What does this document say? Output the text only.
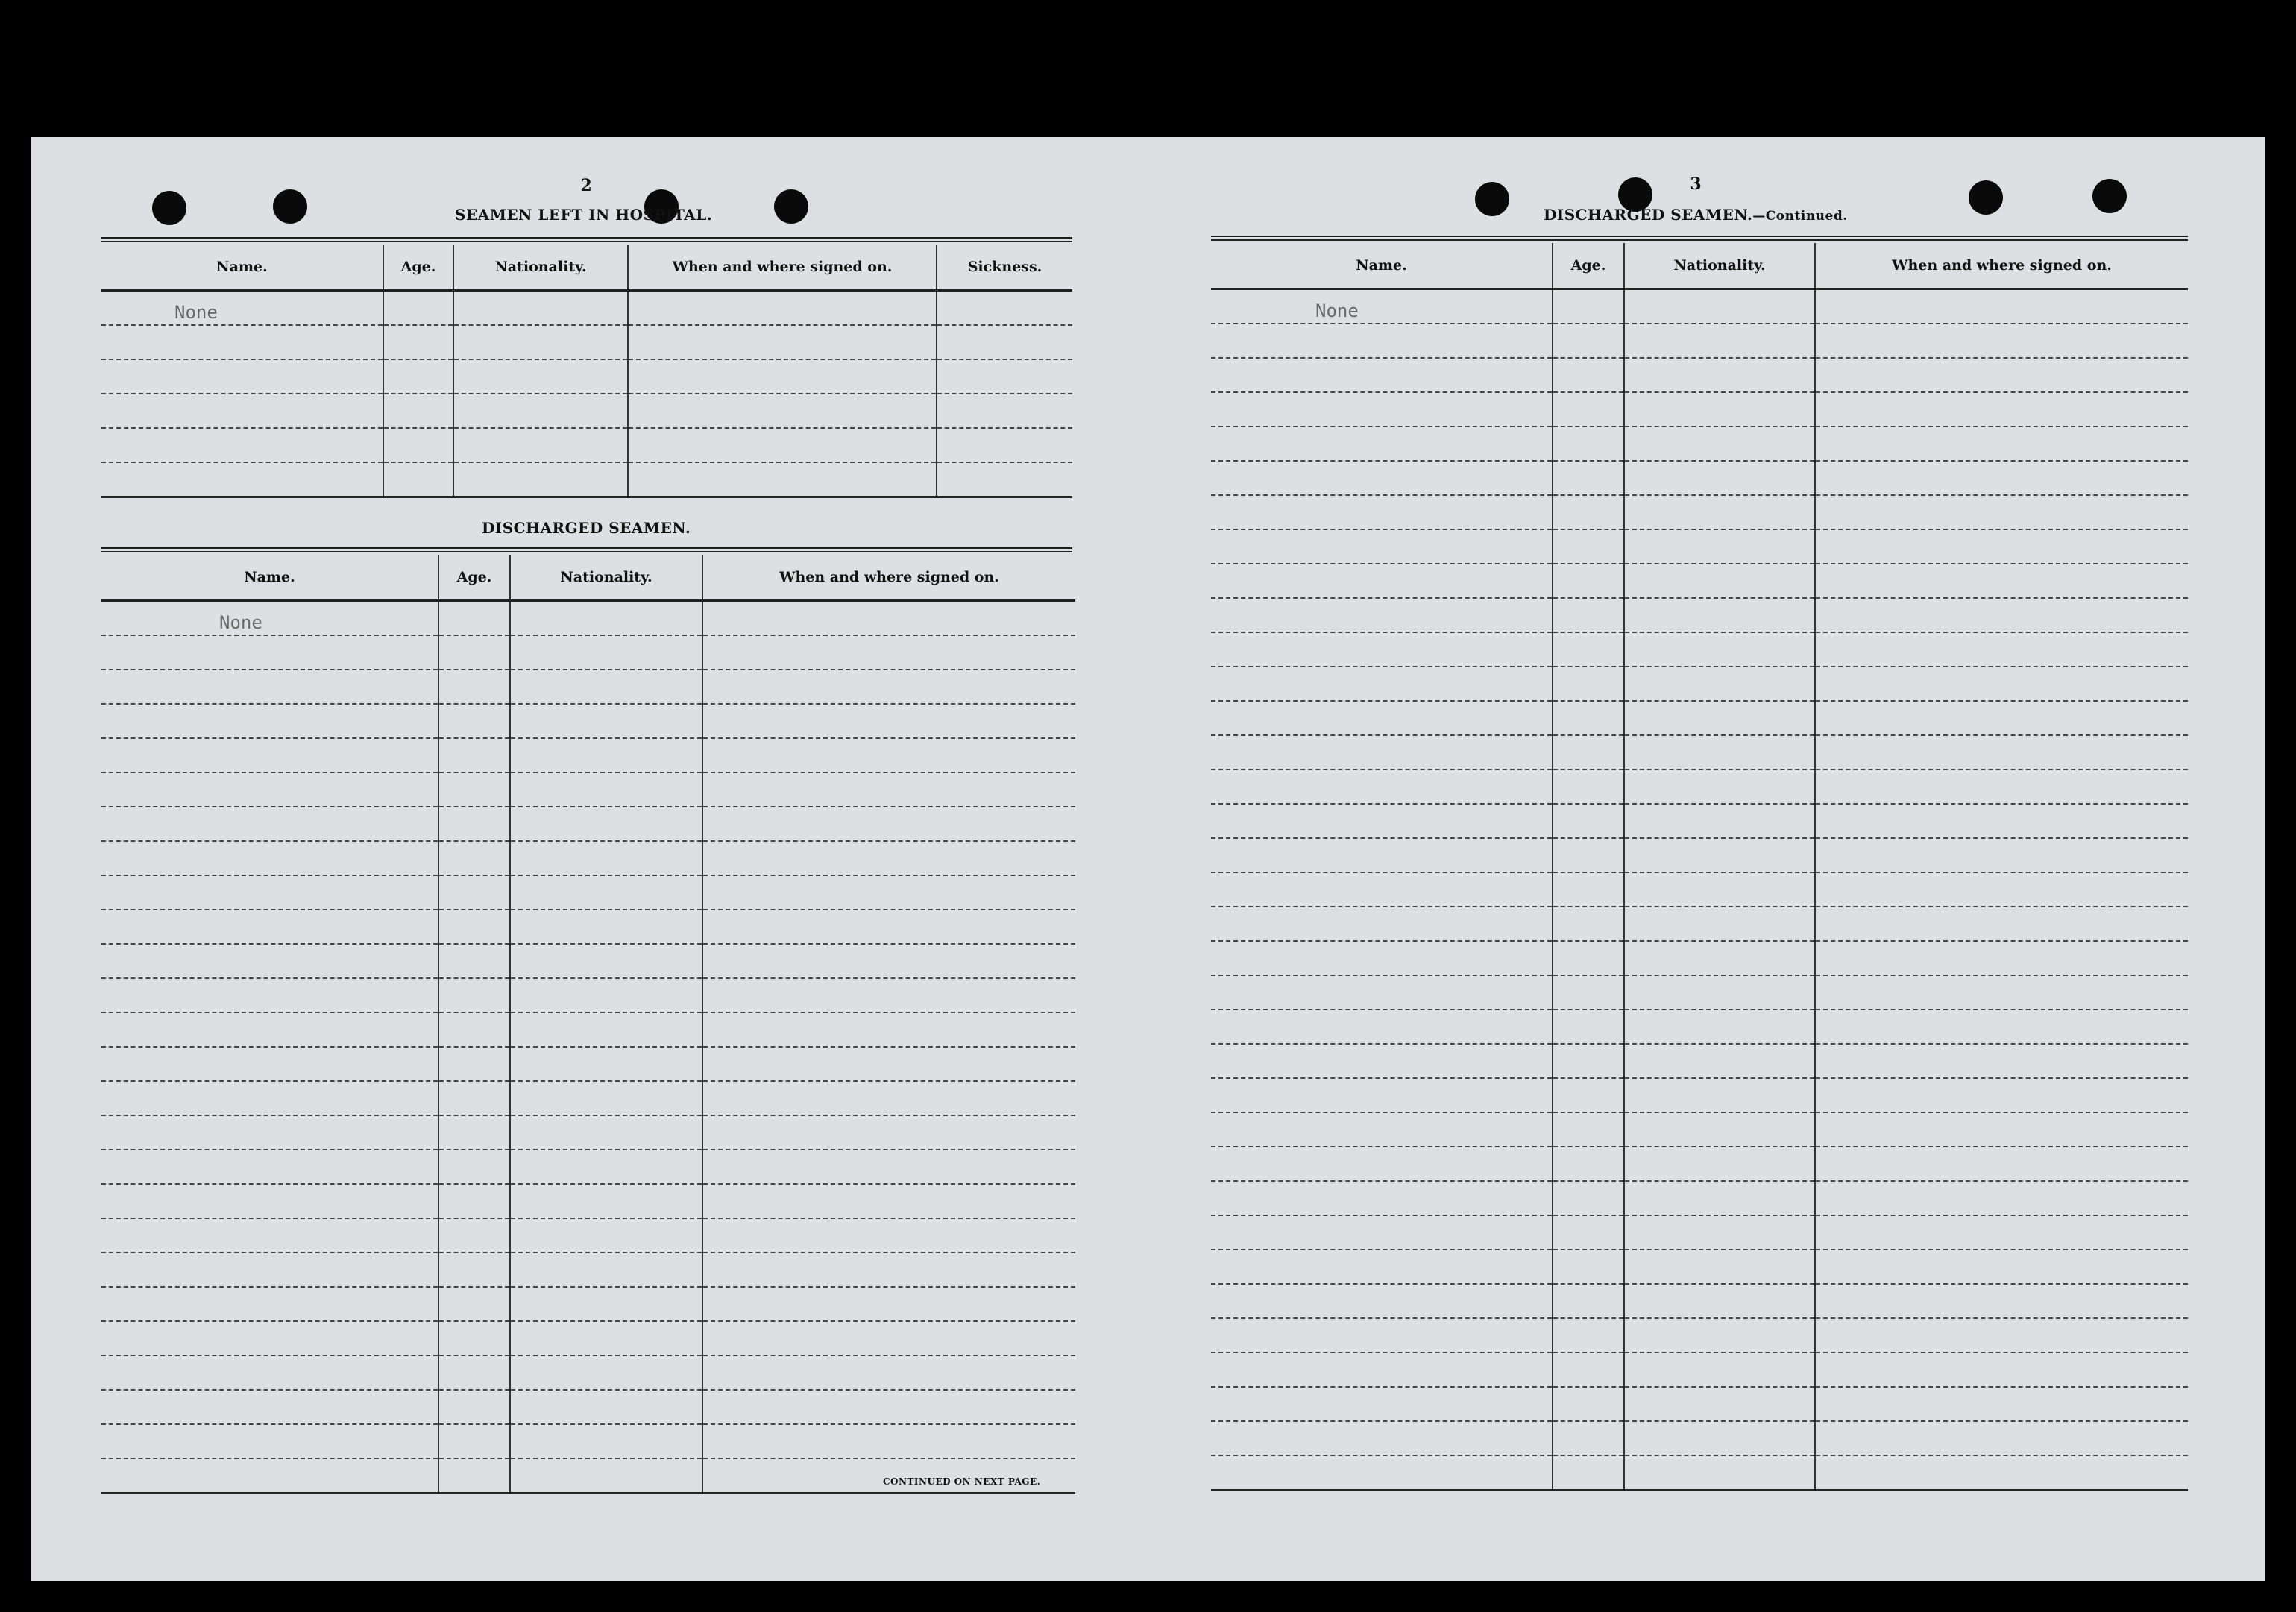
2
SEAMEN LEFT IN HOSPITAL.
Name.	Age.	Nationality.	When and where signed on.	Sickness.
None				

DISCHARGED SEAMEN.
Name.	Age.	Nationality.	When and where signed on.
None			

CONTINUED ON NEXT PAGE.
3
DISCHARGED SEAMEN.—Continued.
Name.	Age.	Nationality.	When and where signed on.
None			
